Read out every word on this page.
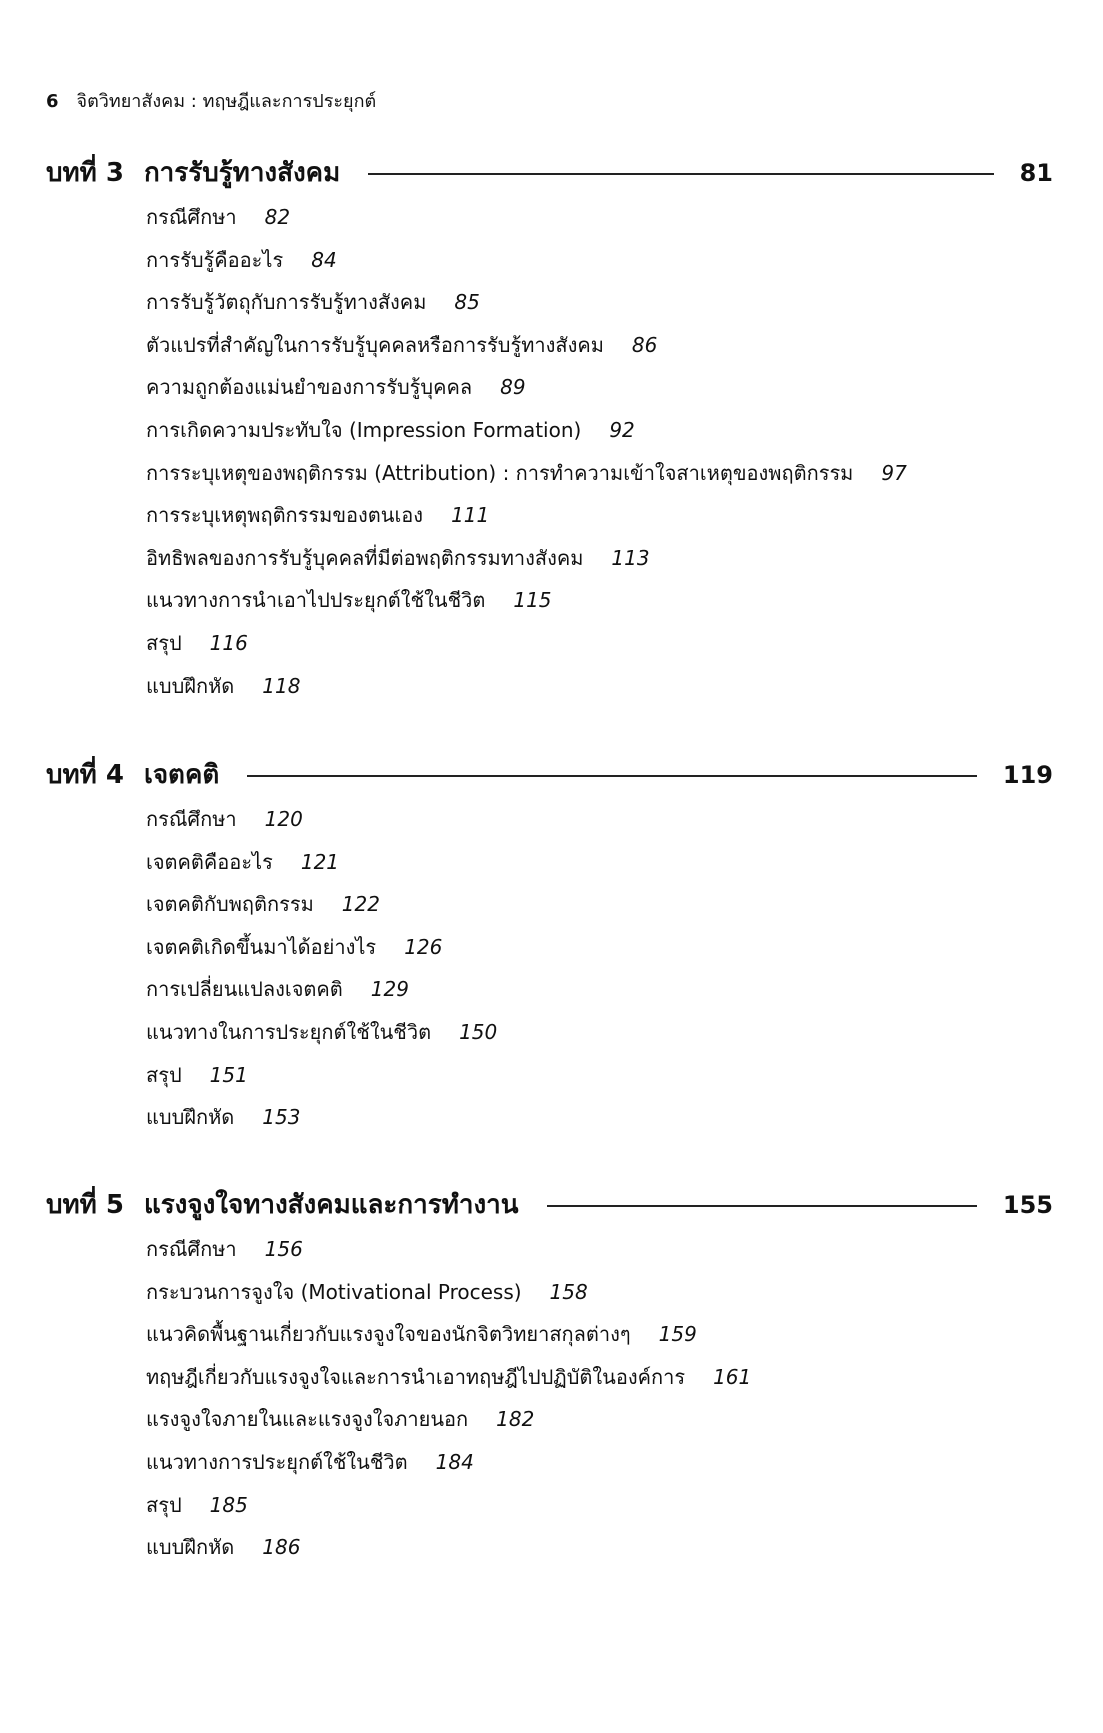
6 จิตวิทยาสังคม : ทฤษฎีและการประยุกต์
บทที่ 3 การรับรู้ทางสังคม	81
กรณีศึกษา 82
การรับรู้คืออะไร 84
การรับรู้วัตถุกับการรับรู้ทางสังคม 85
ตัวแปรที่สำคัญในการรับรู้บุคคลหรือการรับรู้ทางสังคม 86
ความถูกต้องแม่นยำของการรับรู้บุคคล 89
การเกิดความประทับใจ (Impression Formation) 92
การระบุเหตุของพฤติกรรม (Attribution) : การทำความเข้าใจสาเหตุของพฤติกรรม 97
การระบุเหตุพฤติกรรมของตนเอง 111
อิทธิพลของการรับรู้บุคคลที่มีต่อพฤติกรรมทางสังคม 113
แนวทางการนำเอาไปประยุกต์ใช้ในชีวิต 115
สรุป 116
แบบฝึกหัด 118
บทที่ 4 เจตคติ	119
กรณีศึกษา 120
เจตคติคืออะไร 121
เจตคติกับพฤติกรรม 122
เจตคติเกิดขึ้นมาได้อย่างไร 126
การเปลี่ยนแปลงเจตคติ 129
แนวทางในการประยุกต์ใช้ในชีวิต 150
สรุป 151
แบบฝึกหัด 153
บทที่ 5 แรงจูงใจทางสังคมและการทำงาน	155
กรณีศึกษา 156
กระบวนการจูงใจ (Motivational Process) 158
แนวคิดพื้นฐานเกี่ยวกับแรงจูงใจของนักจิตวิทยาสกุลต่างๆ 159
ทฤษฎีเกี่ยวกับแรงจูงใจและการนำเอาทฤษฎีไปปฏิบัติในองค์การ 161
แรงจูงใจภายในและแรงจูงใจภายนอก 182
แนวทางการประยุกต์ใช้ในชีวิต 184
สรุป 185
แบบฝึกหัด 186
